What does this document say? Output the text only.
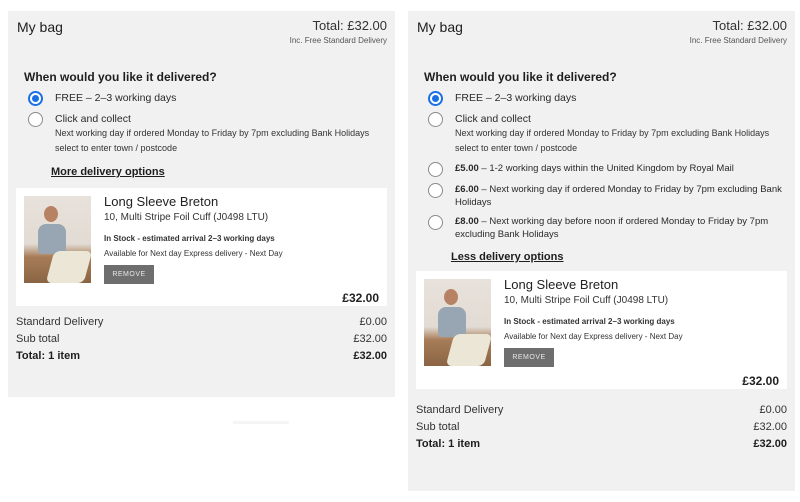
My bag	Total: £32.00
Inc. Free Standard Delivery
When would you like it delivered?
FREE – 2–3 working days
Click and collect
Next working day if ordered Monday to Friday by 7pm excluding Bank Holidays
select to enter town / postcode
More delivery options
Long Sleeve Breton
10, Multi Stripe Foil Cuff (J0498 LTU)
In Stock - estimated arrival 2–3 working days
Available for Next day Express delivery - Next Day
REMOVE
£32.00
Standard Delivery	£0.00
Sub total	£32.00
Total: 1 item	£32.00
My bag	Total: £32.00
Inc. Free Standard Delivery
When would you like it delivered?
FREE – 2–3 working days
Click and collect
Next working day if ordered Monday to Friday by 7pm excluding Bank Holidays
select to enter town / postcode
£5.00 – 1-2 working days within the United Kingdom by Royal Mail
£6.00 – Next working day if ordered Monday to Friday by 7pm excluding Bank Holidays
£8.00 – Next working day before noon if ordered Monday to Friday by 7pm excluding Bank Holidays
Less delivery options
Long Sleeve Breton
10, Multi Stripe Foil Cuff (J0498 LTU)
In Stock - estimated arrival 2–3 working days
Available for Next day Express delivery - Next Day
REMOVE
£32.00
Standard Delivery	£0.00
Sub total	£32.00
Total: 1 item	£32.00
